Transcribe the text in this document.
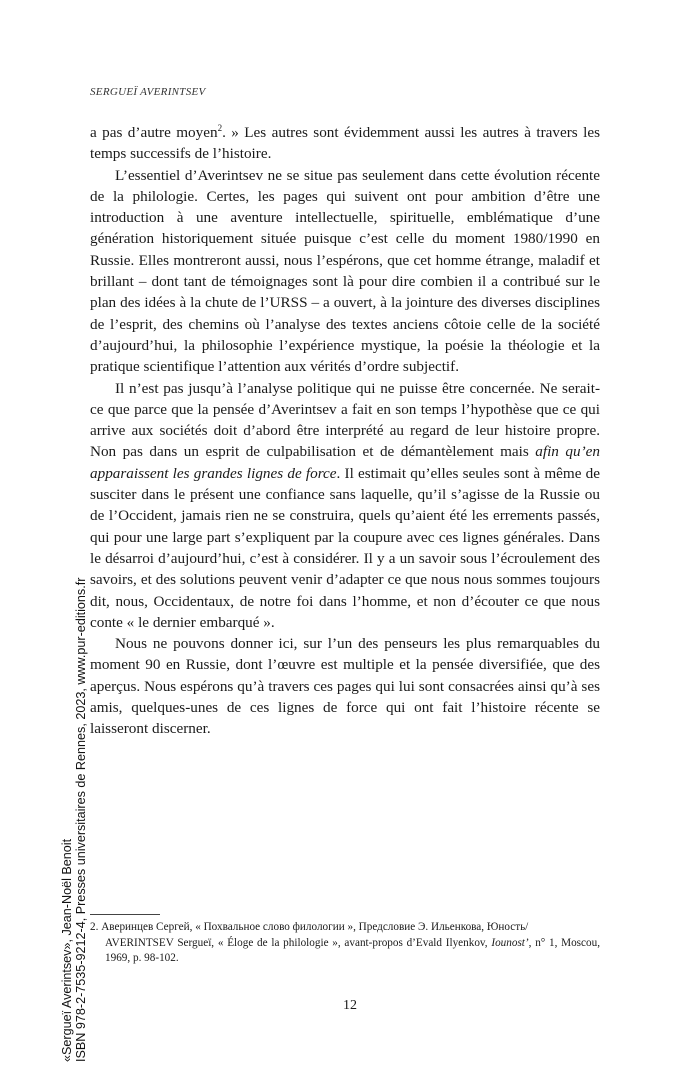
SERGUEÏ AVERINTSEV

a pas d’autre moyen$^2$. » Les autres sont évidemment aussi les autres à travers les temps successifs de l’histoire.

L’essentiel d’Averintsev ne se situe pas seulement dans cette évolution récente de la philologie. Certes, les pages qui suivent ont pour ambition d’être une introduction à une aventure intellectuelle, spirituelle, emblématique d’une génération historiquement située puisque c’est celle du moment 1980/1990 en Russie. Elles montreront aussi, nous l’espérons, que cet homme étrange, maladif et brillant – dont tant de témoignages sont là pour dire combien il a contribué sur le plan des idées à la chute de l’URSS – a ouvert, à la jointure des diverses disciplines de l’esprit, des chemins où l’analyse des textes anciens côtoie celle de la société d’aujourd’hui, la philosophie l’expérience mystique, la poésie la théologie et la pratique scientifique l’attention aux vérités d’ordre subjectif.

Il n’est pas jusqu’à l’analyse politique qui ne puisse être concernée. Ne serait-ce que parce que la pensée d’Averintsev a fait en son temps l’hypothèse que ce qui arrive aux sociétés doit d’abord être interprété au regard de leur histoire propre. Non pas dans un esprit de culpabilisation et de démantèlement mais afin qu’en apparaissent les grandes lignes de force. Il estimait qu’elles seules sont à même de susciter dans le présent une confiance sans laquelle, qu’il s’agisse de la Russie ou de l’Occident, jamais rien ne se construira, quels qu’aient été les errements passés, qui pour une large part s’expliquent par la coupure avec ces lignes générales. Dans le désarroi d’aujourd’hui, c’est à considérer. Il y a un savoir sous l’écroulement des savoirs, et des solutions peuvent venir d’adapter ce que nous nous sommes toujours dit, nous, Occidentaux, de notre foi dans l’homme, et non d’écouter ce que nous conte « le dernier embarqué ».

Nous ne pouvons donner ici, sur l’un des penseurs les plus remarquables du moment 90 en Russie, dont l’œuvre est multiple et la pensée diversifiée, que des aperçus. Nous espérons qu’à travers ces pages qui lui sont consacrées ainsi qu’à ses amis, quelques-unes de ces lignes de force qui ont fait l’histoire récente se laisseront discerner.

2. Аверинцев Сергей, « Похвальное слово филологии », Предсловие Э. Ильенкова, Юность/
AVERINTSEV Sergueï, « Éloge de la philologie », avant-propos d’Evald Ilyenkov, Iounost’, n° 1, Moscou, 1969, p. 98-102.
12
«Sergueï Averintsev», Jean-Noël Benoit ISBN 978-2-7535-9212-4, Presses universitaires de Rennes, 2023, www.pur-editions.fr
